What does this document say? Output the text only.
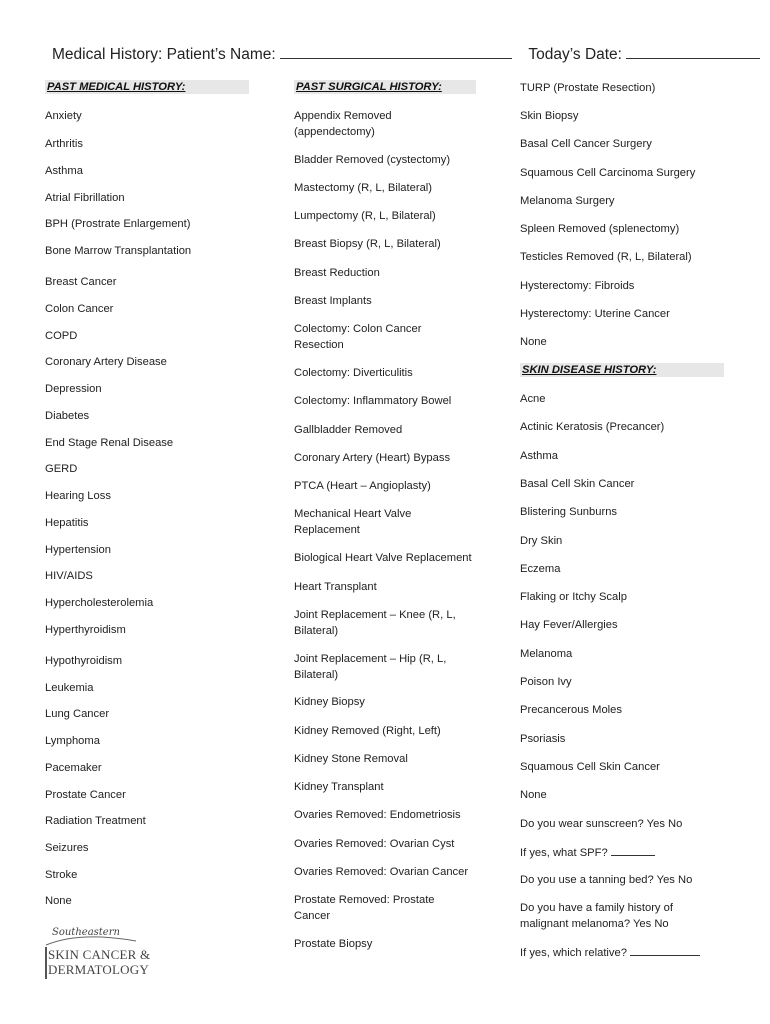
Medical History: Patient’s Name:	Today’s Date:
PAST MEDICAL HISTORY:
Anxiety
Arthritis
Asthma
Atrial Fibrillation
BPH (Prostrate Enlargement)
Bone Marrow Transplantation
Breast Cancer
Colon Cancer
COPD
Coronary Artery Disease
Depression
Diabetes
End Stage Renal Disease
GERD
Hearing Loss
Hepatitis
Hypertension
HIV/AIDS
Hypercholesterolemia
Hyperthyroidism
Hypothyroidism
Leukemia
Lung Cancer
Lymphoma
Pacemaker
Prostate Cancer
Radiation Treatment
Seizures
Stroke
None
PAST SURGICAL HISTORY:
Appendix Removed
(appendectomy)
Bladder Removed (cystectomy)
Mastectomy (R, L, Bilateral)
Lumpectomy (R, L, Bilateral)
Breast Biopsy (R, L, Bilateral)
Breast Reduction
Breast Implants
Colectomy: Colon Cancer
Resection
Colectomy: Diverticulitis
Colectomy: Inflammatory Bowel
Gallbladder Removed
Coronary Artery (Heart) Bypass
PTCA (Heart – Angioplasty)
Mechanical Heart Valve
Replacement
Biological Heart Valve Replacement
Heart Transplant
Joint Replacement – Knee (R, L,
Bilateral)
Joint Replacement – Hip (R, L,
Bilateral)
Kidney Biopsy
Kidney Removed (Right, Left)
Kidney Stone Removal
Kidney Transplant
Ovaries Removed: Endometriosis
Ovaries Removed: Ovarian Cyst
Ovaries Removed: Ovarian Cancer
Prostate Removed: Prostate
Cancer
Prostate Biopsy
SKIN DISEASE HISTORY:
Do you wear sunscreen? Yes No
If yes, what SPF?
Do you use a tanning bed? Yes No
Do you have a family history of
malignant melanoma? Yes No
If yes, which relative?
TURP (Prostate Resection)
Skin Biopsy
Basal Cell Cancer Surgery
Squamous Cell Carcinoma Surgery
Melanoma Surgery
Spleen Removed (splenectomy)
Testicles Removed (R, L, Bilateral)
Hysterectomy: Fibroids
Hysterectomy: Uterine Cancer
None
Acne
Actinic Keratosis (Precancer)
Asthma
Basal Cell Skin Cancer
Blistering Sunburns
Dry Skin
Eczema
Flaking or Itchy Scalp
Hay Fever/Allergies
Melanoma
Poison Ivy
Precancerous Moles
Psoriasis
Squamous Cell Skin Cancer
None
Southeastern
SKIN CANCER &
DERMATOLOGY
